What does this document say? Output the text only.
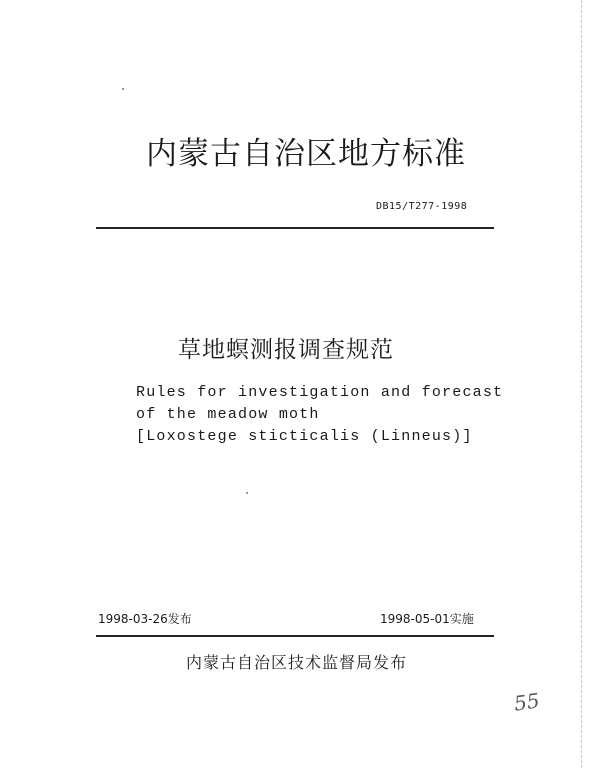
内蒙古自治区地方标准
DB15/T277-1998
草地螟测报调查规范
Rules for investigation and forecast
of the meadow moth
[Loxostege sticticalis (Linneus)]
1998-03-26发布	1998-05-01实施
内蒙古自治区技术监督局发布
55
